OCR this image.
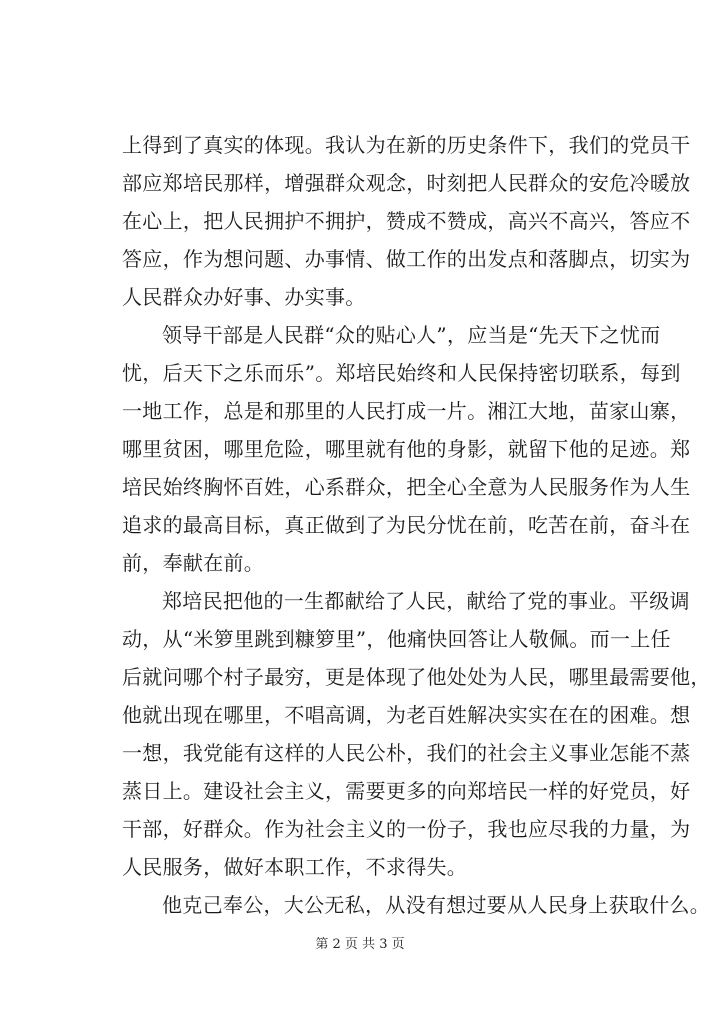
上得到了真实的体现。我认为在新的历史条件下，我们的党员干
部应郑培民那样，增强群众观念，时刻把人民群众的安危冷暖放
在心上，把人民拥护不拥护，赞成不赞成，高兴不高兴，答应不
答应，作为想问题、办事情、做工作的出发点和落脚点，切实为
人民群众办好事、办实事。
领导干部是人民群“众的贴心人”，应当是“先天下之忧而
忧，后天下之乐而乐”。郑培民始终和人民保持密切联系，每到
一地工作，总是和那里的人民打成一片。湘江大地，苗家山寨，
哪里贫困，哪里危险，哪里就有他的身影，就留下他的足迹。郑
培民始终胸怀百姓，心系群众，把全心全意为人民服务作为人生
追求的最高目标，真正做到了为民分忧在前，吃苦在前，奋斗在
前，奉献在前。
郑培民把他的一生都献给了人民，献给了党的事业。平级调
动，从“米箩里跳到糠箩里”，他痛快回答让人敬佩。而一上任
后就问哪个村子最穷，更是体现了他处处为人民，哪里最需要他，
他就出现在哪里，不唱高调，为老百姓解决实实在在的困难。想
一想，我党能有这样的人民公朴，我们的社会主义事业怎能不蒸
蒸日上。建设社会主义，需要更多的向郑培民一样的好党员，好
干部，好群众。作为社会主义的一份子，我也应尽我的力量，为
人民服务，做好本职工作，不求得失。
他克己奉公，大公无私，从没有想过要从人民身上获取什么。
第 2 页 共 3 页
